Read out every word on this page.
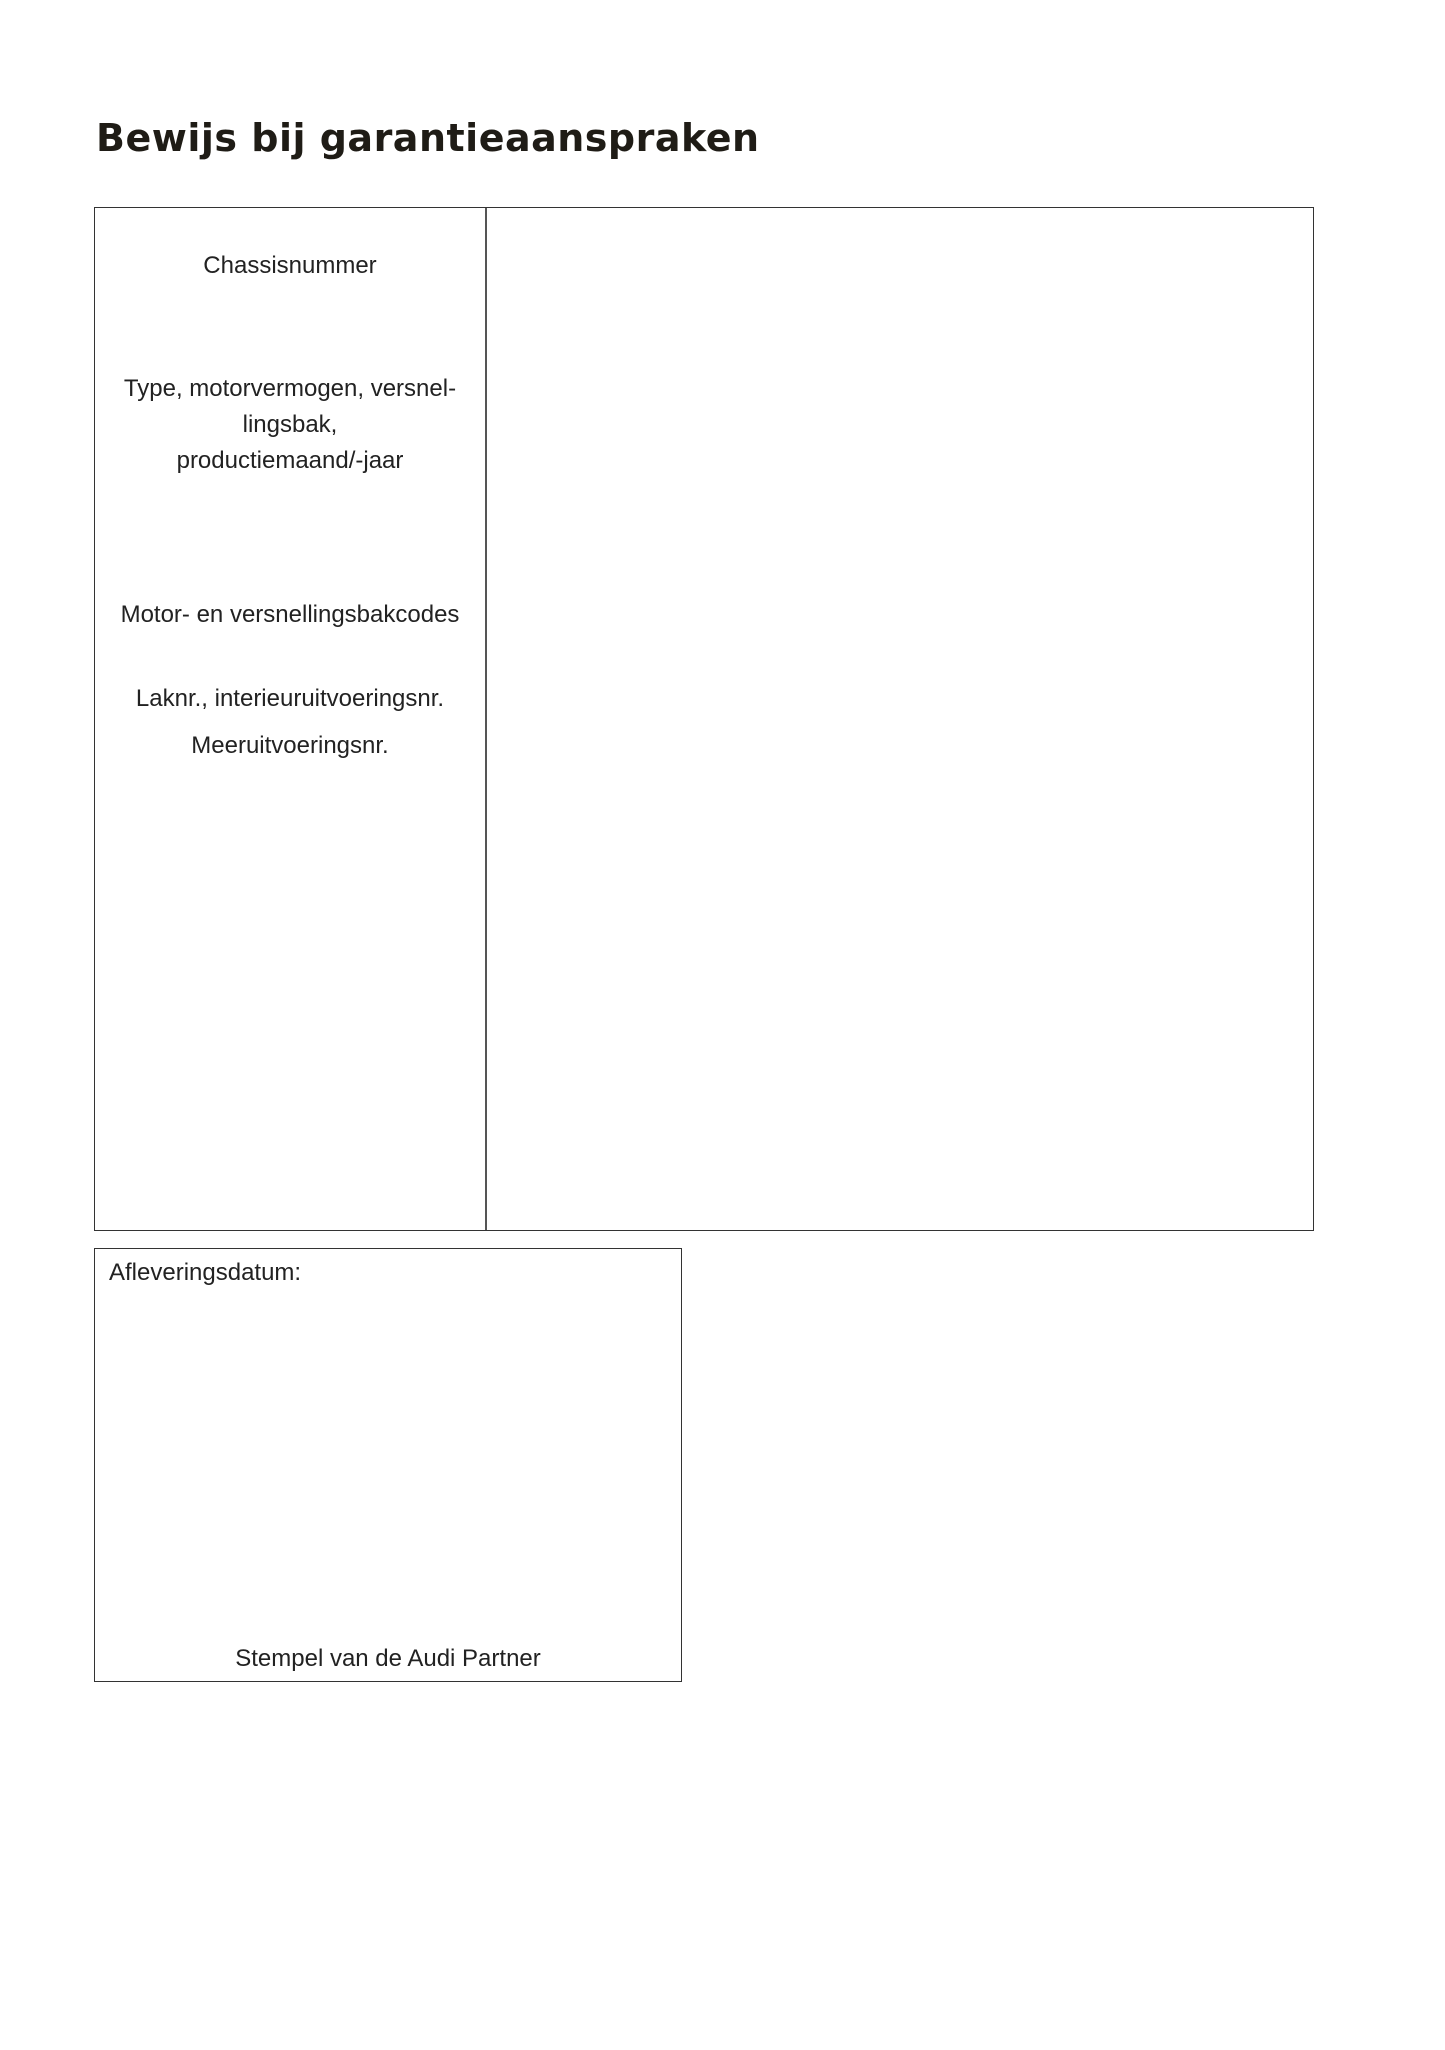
Bewijs bij garantieaanspraken
Chassisnummer
Type, motorvermogen, versnel-
lingsbak,
productiemaand/-jaar
Motor- en versnellingsbakcodes
Laknr., interieuruitvoeringsnr.
Meeruitvoeringsnr.
Afleveringsdatum:
Stempel van de Audi Partner
